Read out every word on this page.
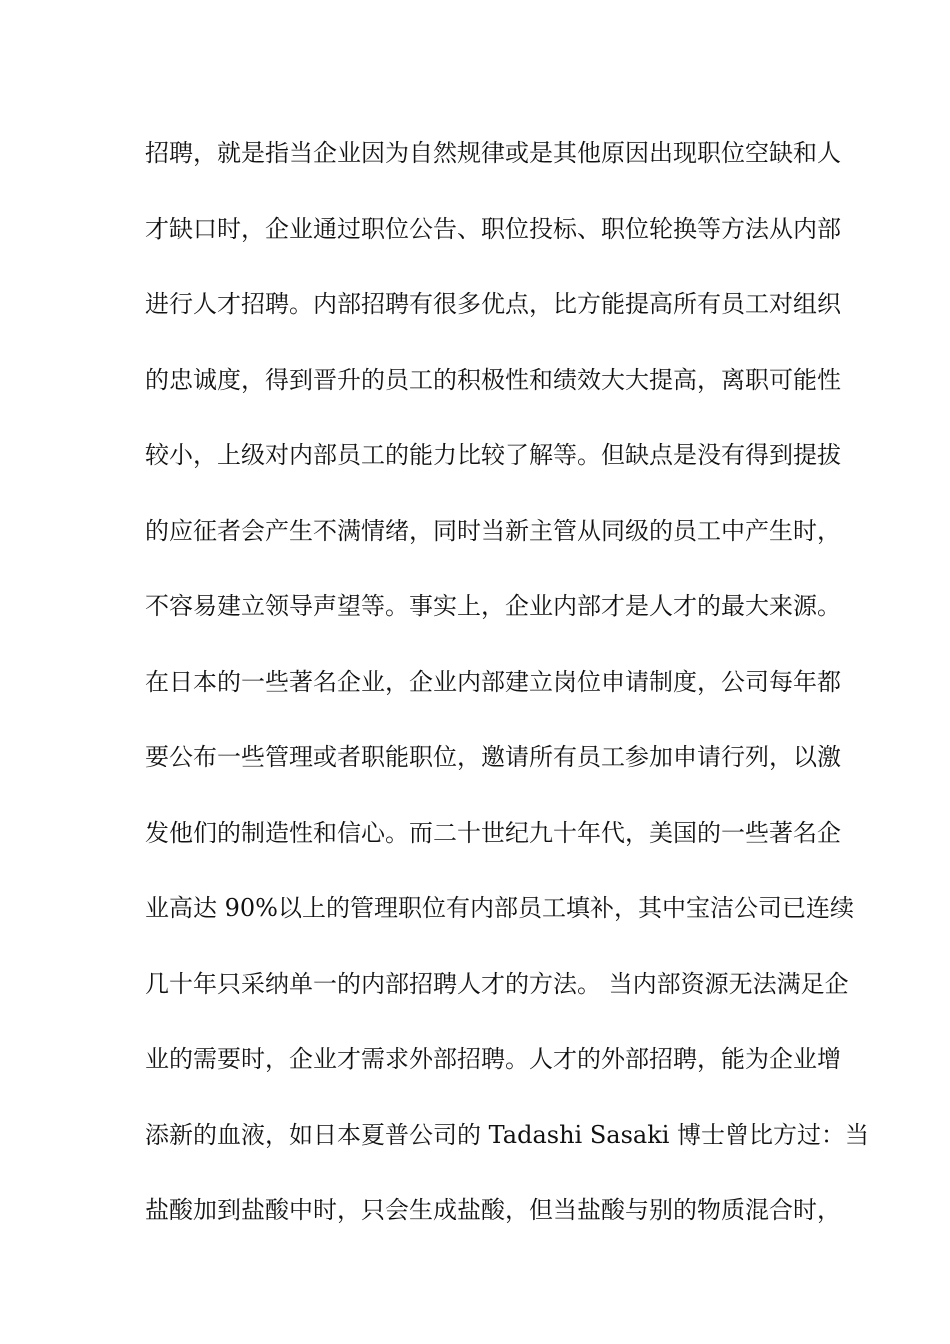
招聘，就是指当企业因为自然规律或是其他原因出现职位空缺和人
才缺口时，企业通过职位公告、职位投标、职位轮换等方法从内部
进行人才招聘。内部招聘有很多优点，比方能提高所有员工对组织
的忠诚度，得到晋升的员工的积极性和绩效大大提高，离职可能性
较小，上级对内部员工的能力比较了解等。但缺点是没有得到提拔
的应征者会产生不满情绪，同时当新主管从同级的员工中产生时，
不容易建立领导声望等。事实上，企业内部才是人才的最大来源。
在日本的一些著名企业，企业内部建立岗位申请制度，公司每年都
要公布一些管理或者职能职位，邀请所有员工参加申请行列，以激
发他们的制造性和信心。而二十世纪九十年代，美国的一些著名企
业高达 90%以上的管理职位有内部员工填补，其中宝洁公司已连续
几十年只采纳单一的内部招聘人才的方法。 当内部资源无法满足企
业的需要时，企业才需求外部招聘。人才的外部招聘，能为企业增
添新的血液，如日本夏普公司的 Tadashi Sasaki 博士曾比方过：当
盐酸加到盐酸中时，只会生成盐酸，但当盐酸与别的物质混合时，
